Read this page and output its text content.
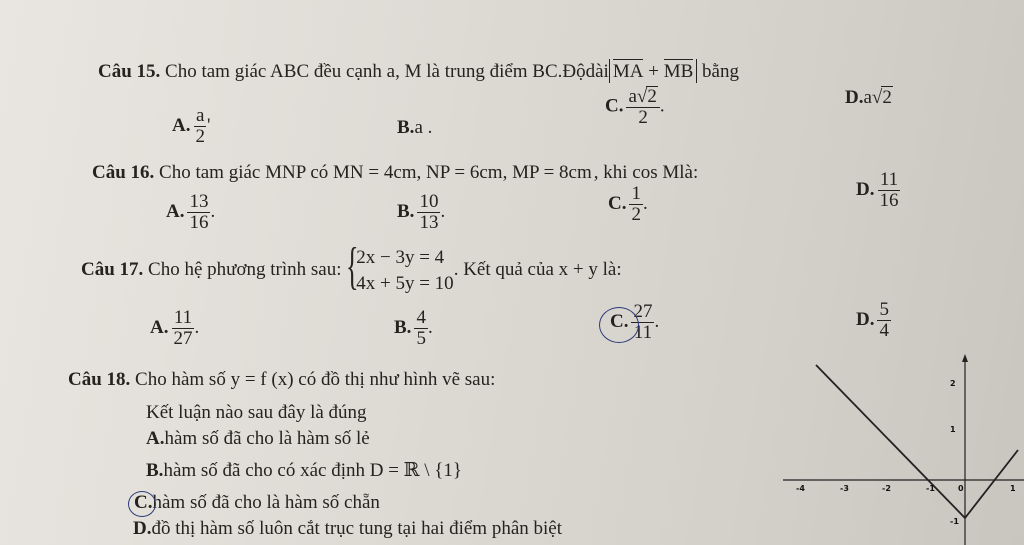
Câu 15. Cho tam giác ABC đều cạnh a, M là trung điểm BC.Độdài MA + MB bằng
A. $\frac{a}{2}$ '	B.a .
C. $\frac{a√2}{2}$ .	D.a√2
Câu 16. Cho tam giác MNP có MN = 4cm, NP = 6cm, MP = 8cm , khi cos Mlà:
A. $\frac{13}{16}$ .	B. $\frac{10}{13}$ .	C. $\frac{1}{2}$ .
D. $\frac{11}{16}$
Câu 17. Cho hệ phương trình sau: {
2x − 3y = 4
4x + 5y = 10
. Kết quả của x + y là:
A. $\frac{11}{27}$ .	B. $\frac{4}{5}$ .	C. $\frac{27}{11}$ .	D. $\frac{5}{4}$
Câu 18. Cho hàm số y = f (x) có đồ thị như hình vẽ sau:
Kết luận nào sau đây là đúng
A.hàm số đã cho là hàm số lẻ
B.hàm số đã cho có xác định D = ℝ \ {1}
C.hàm số đã cho là hàm số chẵn
D.đồ thị hàm số luôn cắt trục tung tại hai điểm phân biệt
-4	-3	-2	-1	0	1
2
1
-1
